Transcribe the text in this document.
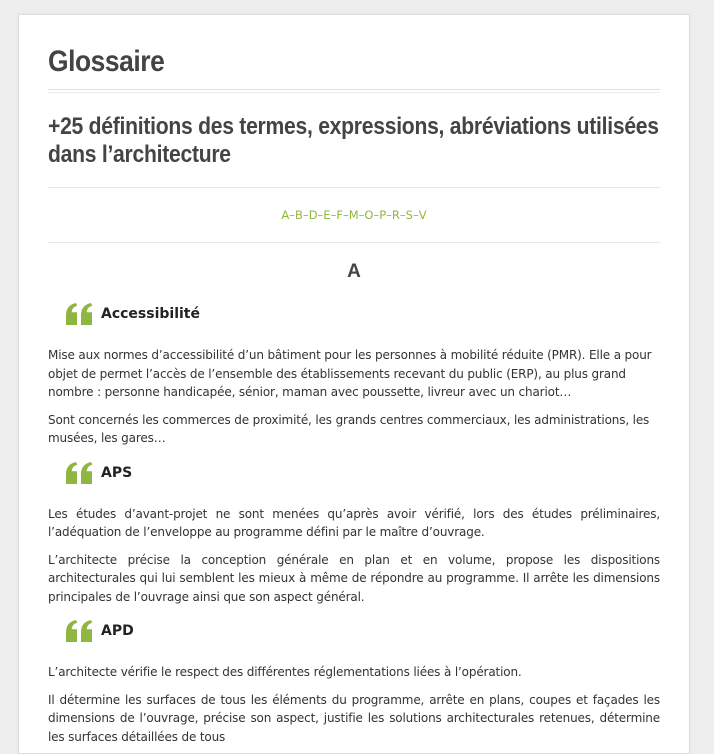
Glossaire
+25 définitions des termes, expressions, abréviations utilisées dans l’architecture
A–B–D–E–F–M–O–P–R–S–V
A
Accessibilité

Mise aux normes d’accessibilité d’un bâtiment pour les personnes à mobilité réduite (PMR). Elle a pour objet de permet l’accès de l’ensemble des établissements recevant du public (ERP), au plus grand nombre : personne handicapée, sénior, maman avec poussette, livreur avec un chariot…

Sont concernés les commerces de proximité, les grands centres commerciaux, les administrations, les musées, les gares…

APS

Les études d’avant-projet ne sont menées qu’après avoir vérifié, lors des études préliminaires, l’adéquation de l’enveloppe au programme défini par le maître d’ouvrage.

L’architecte précise la conception générale en plan et en volume, propose les dispositions architecturales qui lui semblent les mieux à même de répondre au programme. Il arrête les dimensions principales de l’ouvrage ainsi que son aspect général.

APD

L’architecte vérifie le respect des différentes réglementations liées à l’opération.

Il détermine les surfaces de tous les éléments du programme, arrête en plans, coupes et façades les dimensions de l’ouvrage, précise son aspect, justifie les solutions architecturales retenues, détermine les surfaces détaillées de tous
